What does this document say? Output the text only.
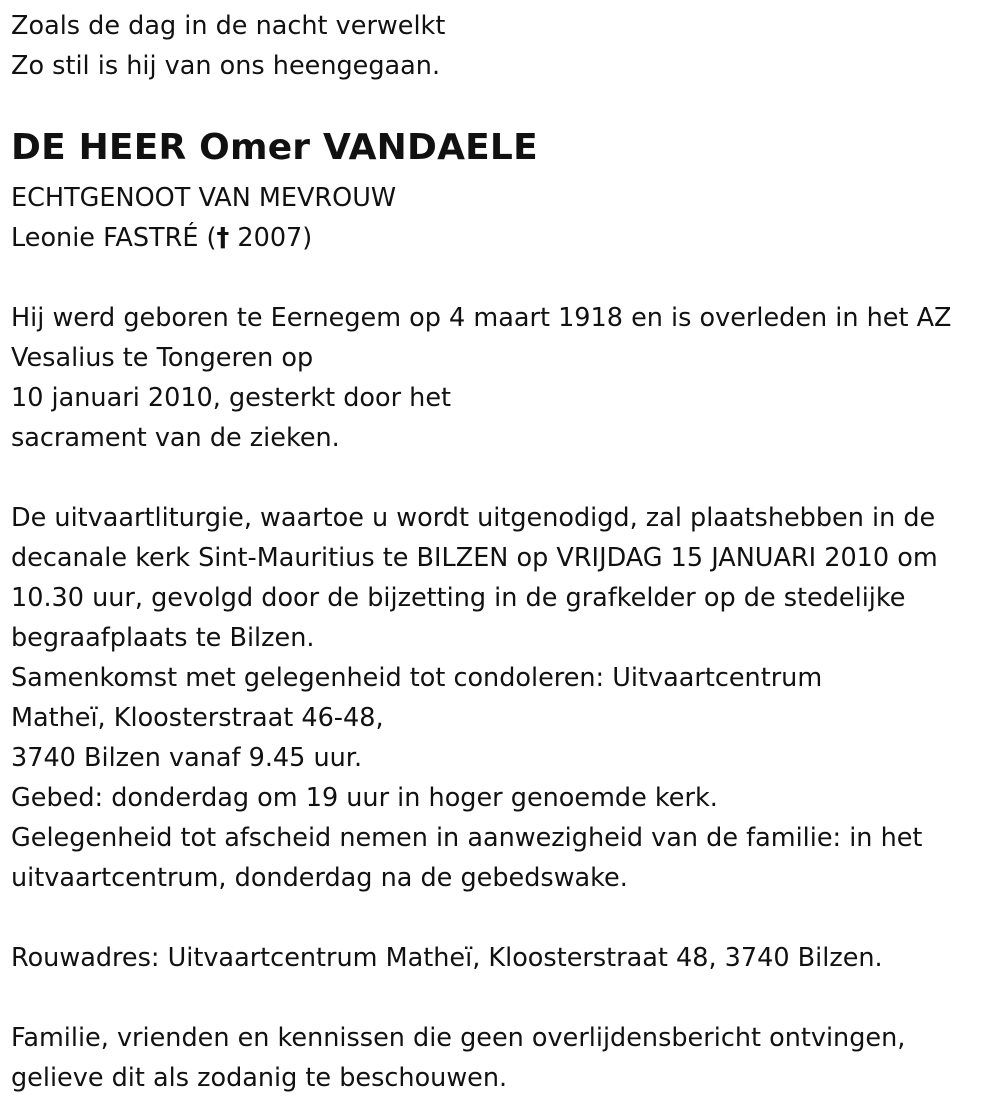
Zoals de dag in de nacht verwelkt
Zo stil is hij van ons heengegaan.
DE HEER Omer VANDAELE
ECHTGENOOT VAN MEVROUW
Leonie FASTRÉ († 2007)
Hij werd geboren te Eernegem op 4 maart 1918 en is overleden in het AZ
Vesalius te Tongeren op
10 januari 2010, gesterkt door het
sacrament van de zieken.
De uitvaartliturgie, waartoe u wordt uitgenodigd, zal plaatshebben in de
decanale kerk Sint-Mauritius te BILZEN op VRIJDAG 15 JANUARI 2010 om
10.30 uur, gevolgd door de bijzetting in de grafkelder op de stedelijke
begraafplaats te Bilzen.
Samenkomst met gelegenheid tot condoleren: Uitvaartcentrum
Matheï, Kloosterstraat 46-48,
3740 Bilzen vanaf 9.45 uur.
Gebed: donderdag om 19 uur in hoger genoemde kerk.
Gelegenheid tot afscheid nemen in aanwezigheid van de familie: in het
uitvaartcentrum, donderdag na de gebedswake.
Rouwadres: Uitvaartcentrum Matheï, Kloosterstraat 48, 3740 Bilzen.
Familie, vrienden en kennissen die geen overlijdensbericht ontvingen,
gelieve dit als zodanig te beschouwen.
